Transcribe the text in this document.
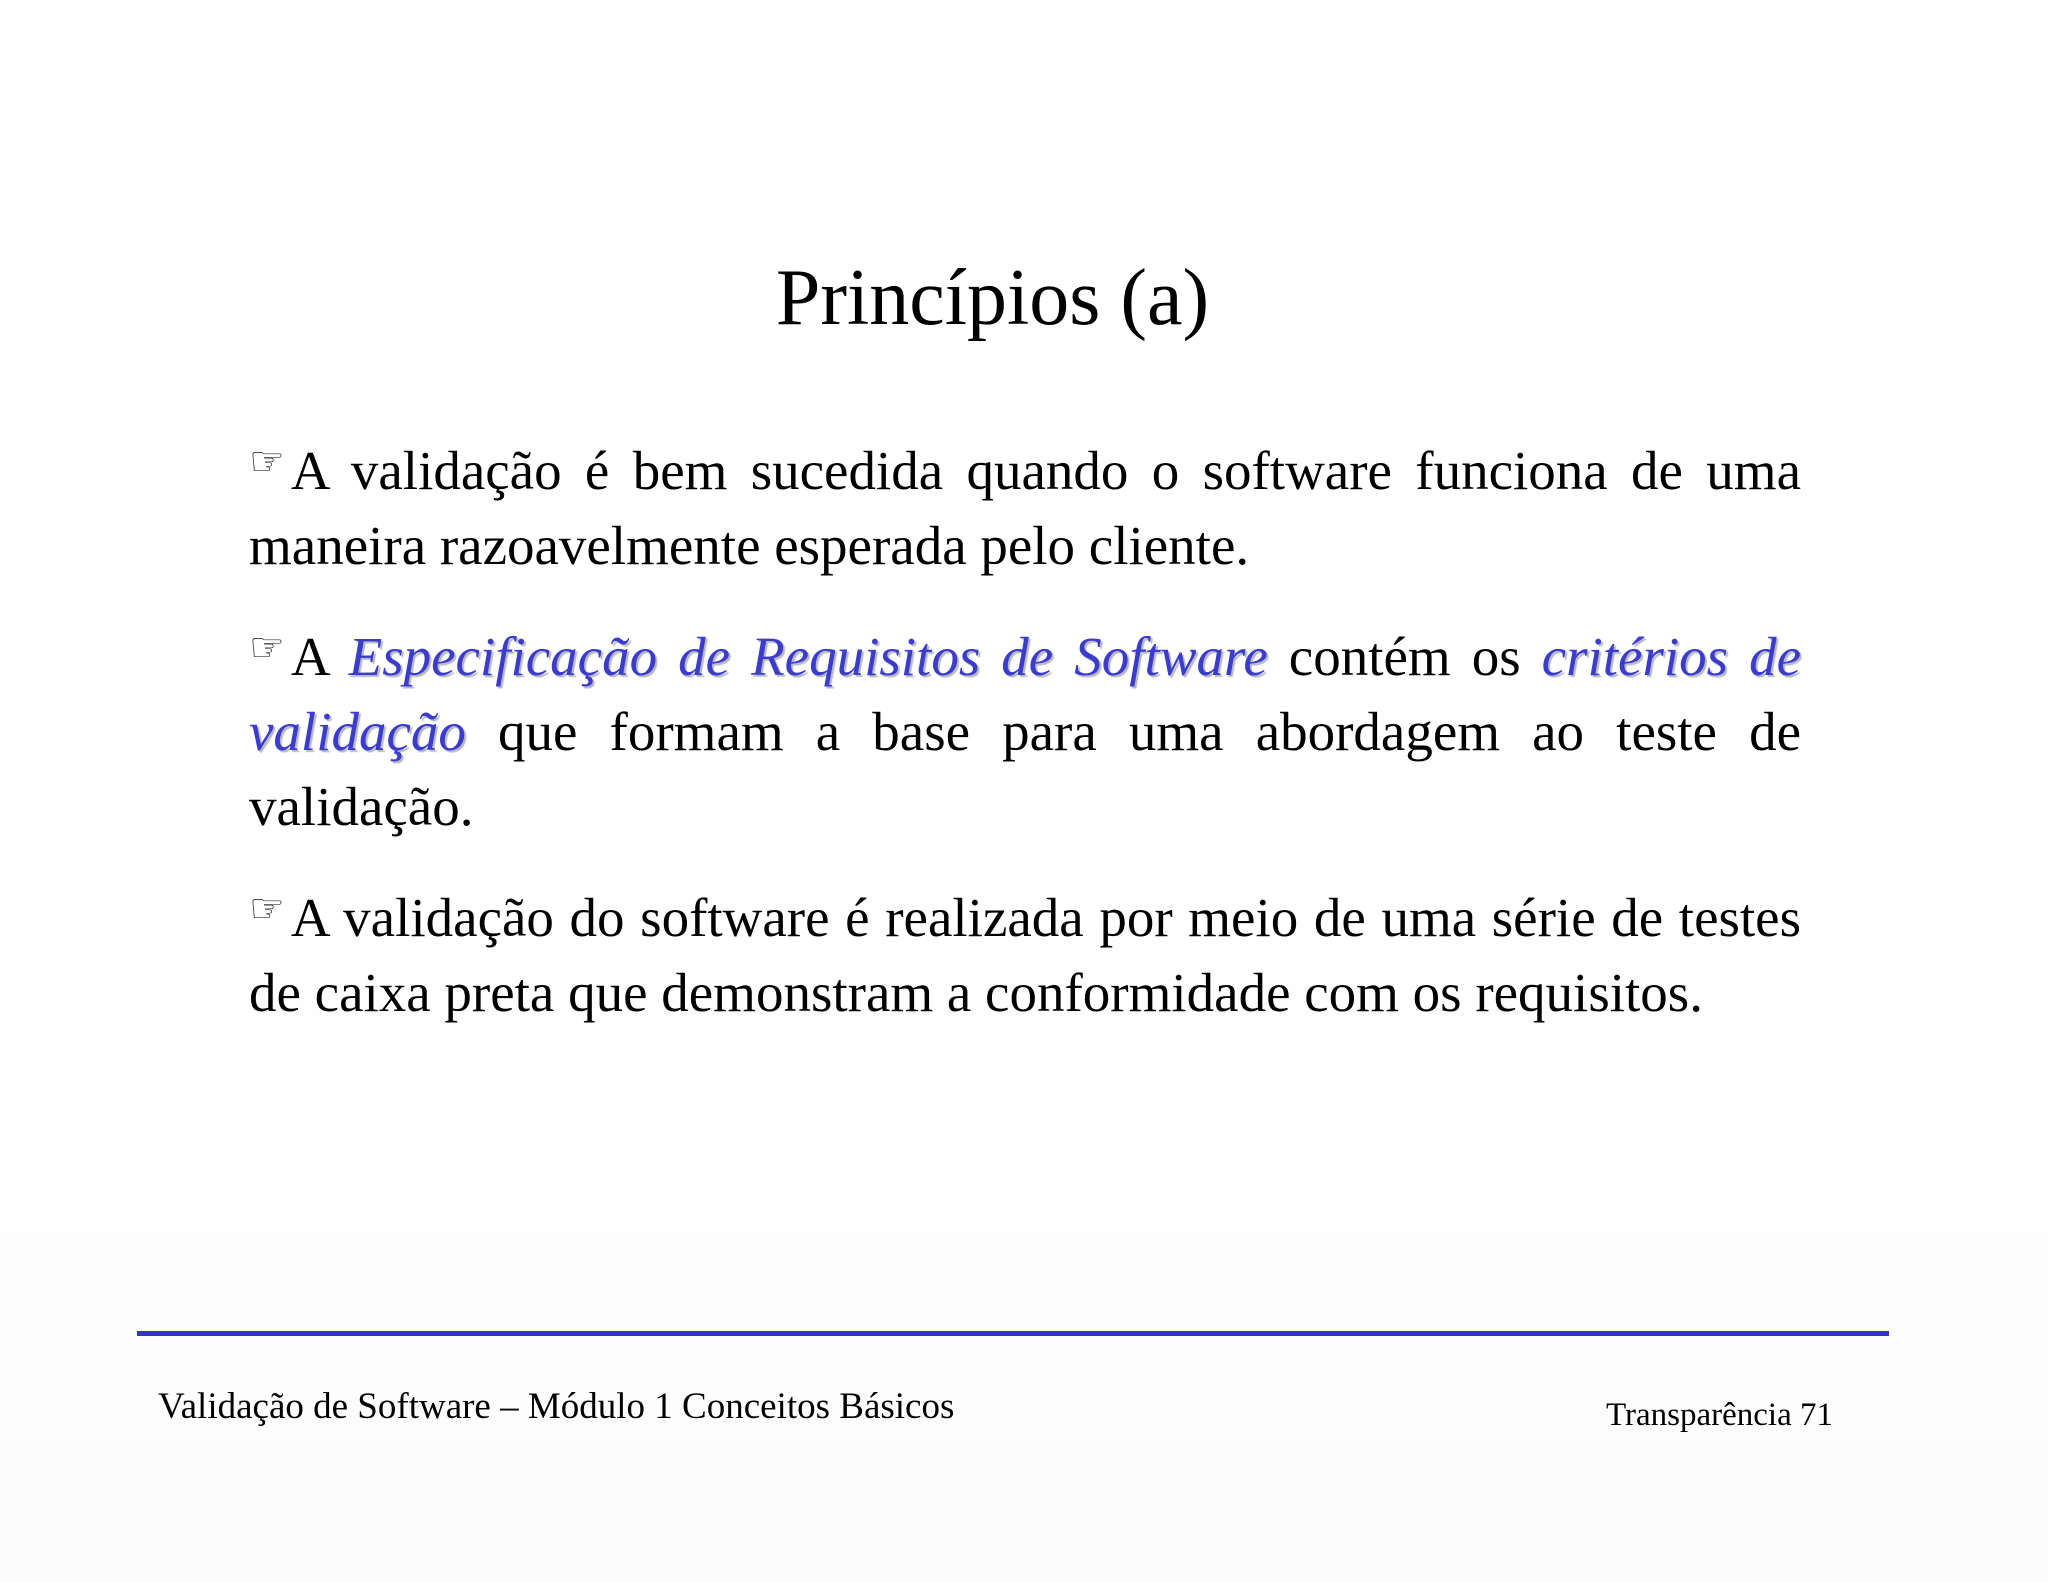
Princípios (a)
☞ A validação é bem sucedida quando o software funciona de uma maneira razoavelmente esperada pelo cliente.
☞ A Especificação de Requisitos de Software contém os critérios de validação que formam a base para uma abordagem ao teste de validação.
☞ A validação do software é realizada por meio de uma série de testes de caixa preta que demonstram a conformidade com os requisitos.
Validação de Software – Módulo 1 Conceitos Básicos	Transparência 71
